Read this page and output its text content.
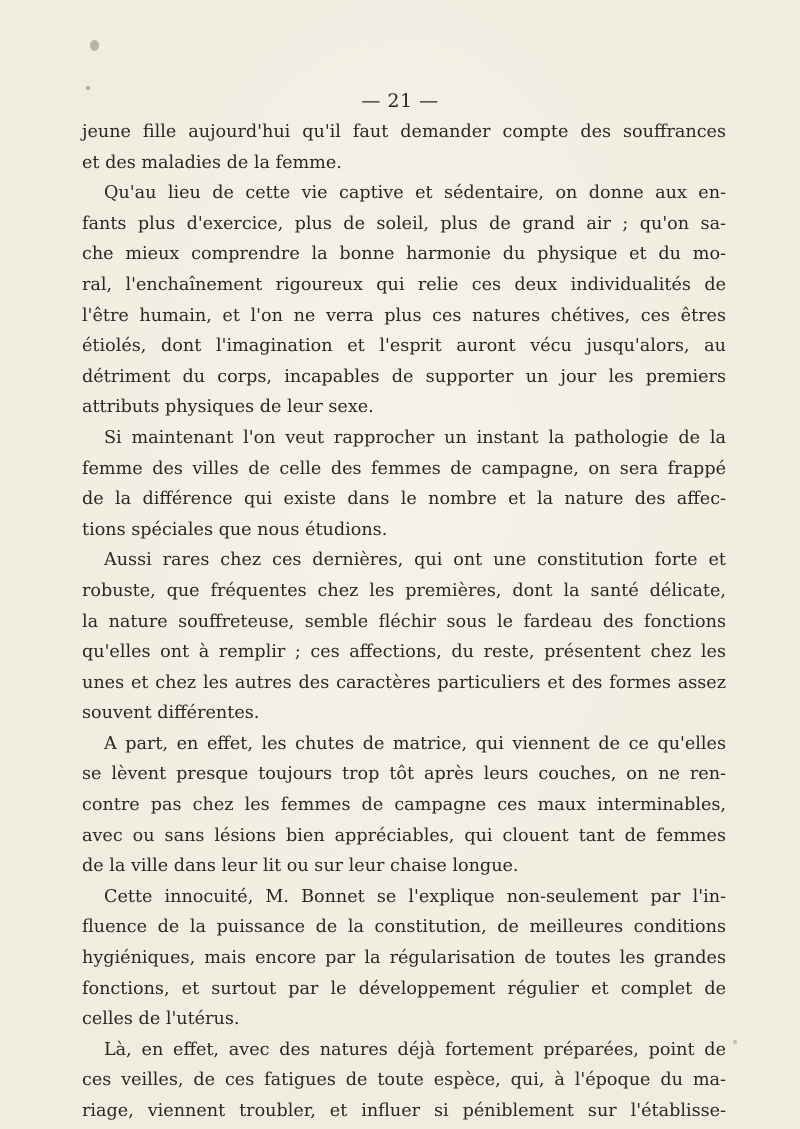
— 21 —
jeune fille aujourd'hui qu'il faut demander compte des souffrances
et des maladies de la femme.
Qu'au lieu de cette vie captive et sédentaire, on donne aux en-
fants plus d'exercice, plus de soleil, plus de grand air ; qu'on sa-
che mieux comprendre la bonne harmonie du physique et du mo-
ral, l'enchaînement rigoureux qui relie ces deux individualités de
l'être humain, et l'on ne verra plus ces natures chétives, ces êtres
étiolés, dont l'imagination et l'esprit auront vécu jusqu'alors, au
détriment du corps, incapables de supporter un jour les premiers
attributs physiques de leur sexe.
Si maintenant l'on veut rapprocher un instant la pathologie de la
femme des villes de celle des femmes de campagne, on sera frappé
de la différence qui existe dans le nombre et la nature des affec-
tions spéciales que nous étudions.
Aussi rares chez ces dernières, qui ont une constitution forte et
robuste, que fréquentes chez les premières, dont la santé délicate,
la nature souffreteuse, semble fléchir sous le fardeau des fonctions
qu'elles ont à remplir ; ces affections, du reste, présentent chez les
unes et chez les autres des caractères particuliers et des formes assez
souvent différentes.
A part, en effet, les chutes de matrice, qui viennent de ce qu'elles
se lèvent presque toujours trop tôt après leurs couches, on ne ren-
contre pas chez les femmes de campagne ces maux interminables,
avec ou sans lésions bien appréciables, qui clouent tant de femmes
de la ville dans leur lit ou sur leur chaise longue.
Cette innocuité, M. Bonnet se l'explique non-seulement par l'in-
fluence de la puissance de la constitution, de meilleures conditions
hygiéniques, mais encore par la régularisation de toutes les grandes
fonctions, et surtout par le développement régulier et complet de
celles de l'utérus.
Là, en effet, avec des natures déjà fortement préparées, point de
ces veilles, de ces fatigues de toute espèce, qui, à l'époque du ma-
riage, viennent troubler, et influer si péniblement sur l'établisse-
